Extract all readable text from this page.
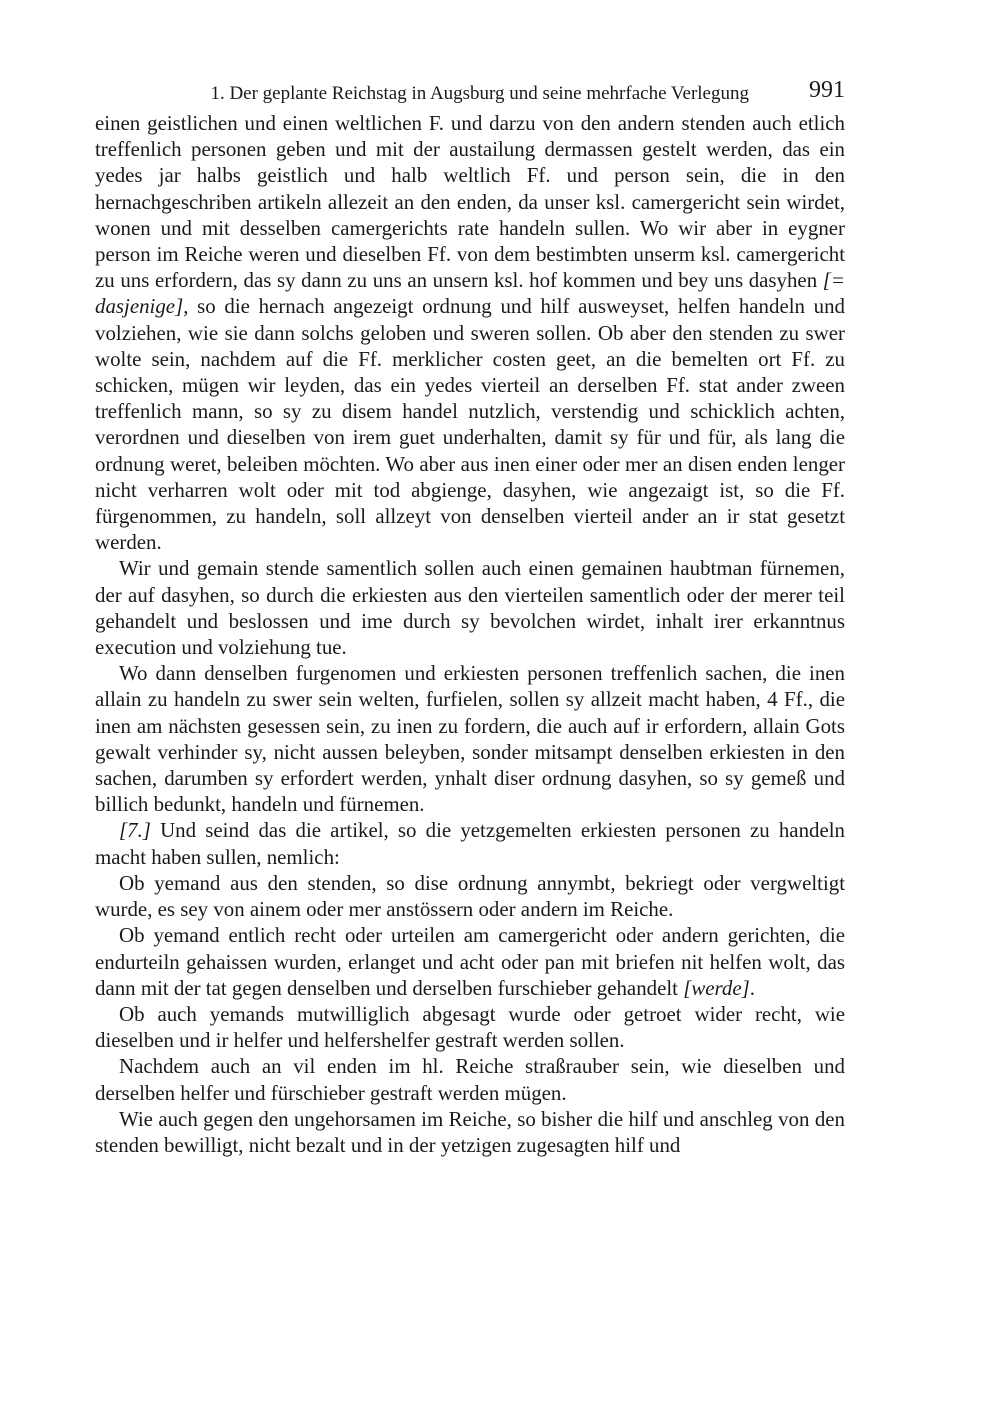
1. Der geplante Reichstag in Augsburg und seine mehrfache Verlegung	991

einen geistlichen und einen weltlichen F. und darzu von den andern stenden auch etlich treffenlich personen geben und mit der austailung dermassen gestelt werden, das ein yedes jar halbs geistlich und halb weltlich Ff. und person sein, die in den hernachgeschriben artikeln allezeit an den enden, da unser ksl. camergericht sein wirdet, wonen und mit desselben camergerichts rate handeln sullen. Wo wir aber in eygner person im Reiche weren und dieselben Ff. von dem bestimbten unserm ksl. camergericht zu uns erfordern, das sy dann zu uns an unsern ksl. hof kommen und bey uns dasyhen [= dasjenige], so die hernach angezeigt ordnung und hilf ausweyset, helfen handeln und volziehen, wie sie dann solchs geloben und sweren sollen. Ob aber den stenden zu swer wolte sein, nachdem auf die Ff. merklicher costen geet, an die bemelten ort Ff. zu schicken, mügen wir leyden, das ein yedes vierteil an derselben Ff. stat ander zween treffenlich mann, so sy zu disem handel nutzlich, verstendig und schicklich achten, verordnen und dieselben von irem guet underhalten, damit sy für und für, als lang die ordnung weret, beleiben möchten. Wo aber aus inen einer oder mer an disen enden lenger nicht verharren wolt oder mit tod abgienge, dasyhen, wie angezaigt ist, so die Ff. fürgenommen, zu handeln, soll allzeyt von denselben vierteil ander an ir stat gesetzt werden.

Wir und gemain stende samentlich sollen auch einen gemainen haubtman fürnemen, der auf dasyhen, so durch die erkiesten aus den vierteilen samentlich oder der merer teil gehandelt und beslossen und ime durch sy bevolchen wirdet, inhalt irer erkanntnus execution und volziehung tue.

Wo dann denselben furgenomen und erkiesten personen treffenlich sachen, die inen allain zu handeln zu swer sein welten, furfielen, sollen sy allzeit macht haben, 4 Ff., die inen am nächsten gesessen sein, zu inen zu fordern, die auch auf ir erfordern, allain Gots gewalt verhinder sy, nicht aussen beleyben, sonder mitsampt denselben erkiesten in den sachen, darumben sy erfordert werden, ynhalt diser ordnung dasyhen, so sy gemeß und billich bedunkt, handeln und fürnemen.

[7.] Und seind das die artikel, so die yetzgemelten erkiesten personen zu handeln macht haben sullen, nemlich:

Ob yemand aus den stenden, so dise ordnung annymbt, bekriegt oder vergweltigt wurde, es sey von ainem oder mer anstössern oder andern im Reiche.

Ob yemand entlich recht oder urteilen am camergericht oder andern gerichten, die endurteiln gehaissen wurden, erlanget und acht oder pan mit briefen nit helfen wolt, das dann mit der tat gegen denselben und derselben furschieber gehandelt [werde].

Ob auch yemands mutwilliglich abgesagt wurde oder getroet wider recht, wie dieselben und ir helfer und helfershelfer gestraft werden sollen.

Nachdem auch an vil enden im hl. Reiche straßrauber sein, wie dieselben und derselben helfer und fürschieber gestraft werden mügen.

Wie auch gegen den ungehorsamen im Reiche, so bisher die hilf und anschleg von den stenden bewilligt, nicht bezalt und in der yetzigen zugesagten hilf und
